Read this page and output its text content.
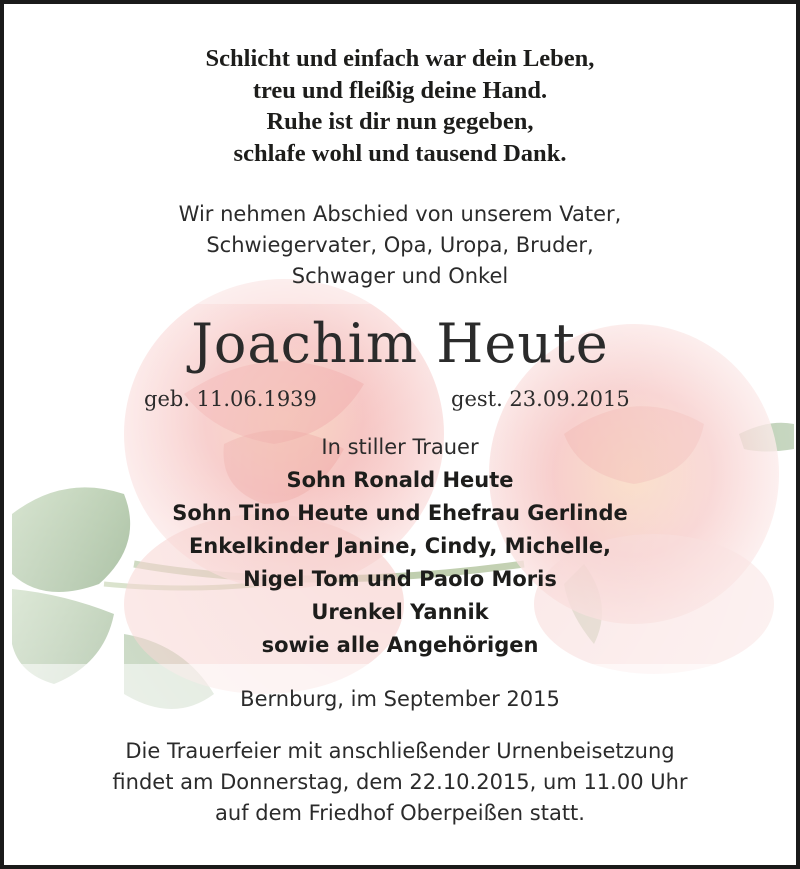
Schlicht und einfach war dein Leben,
treu und fleißig deine Hand.
Ruhe ist dir nun gegeben,
schlafe wohl und tausend Dank.
Wir nehmen Abschied von unserem Vater,
Schwiegervater, Opa, Uropa, Bruder,
Schwager und Onkel
Joachim Heute
geb. 11.06.1939	gest. 23.09.2015
In stiller Trauer
Sohn Ronald Heute
Sohn Tino Heute und Ehefrau Gerlinde
Enkelkinder Janine, Cindy, Michelle,
Nigel Tom und Paolo Moris
Urenkel Yannik
sowie alle Angehörigen
Bernburg, im September 2015
Die Trauerfeier mit anschließender Urnenbeisetzung
findet am Donnerstag, dem 22.10.2015, um 11.00 Uhr
auf dem Friedhof Oberpeißen statt.
